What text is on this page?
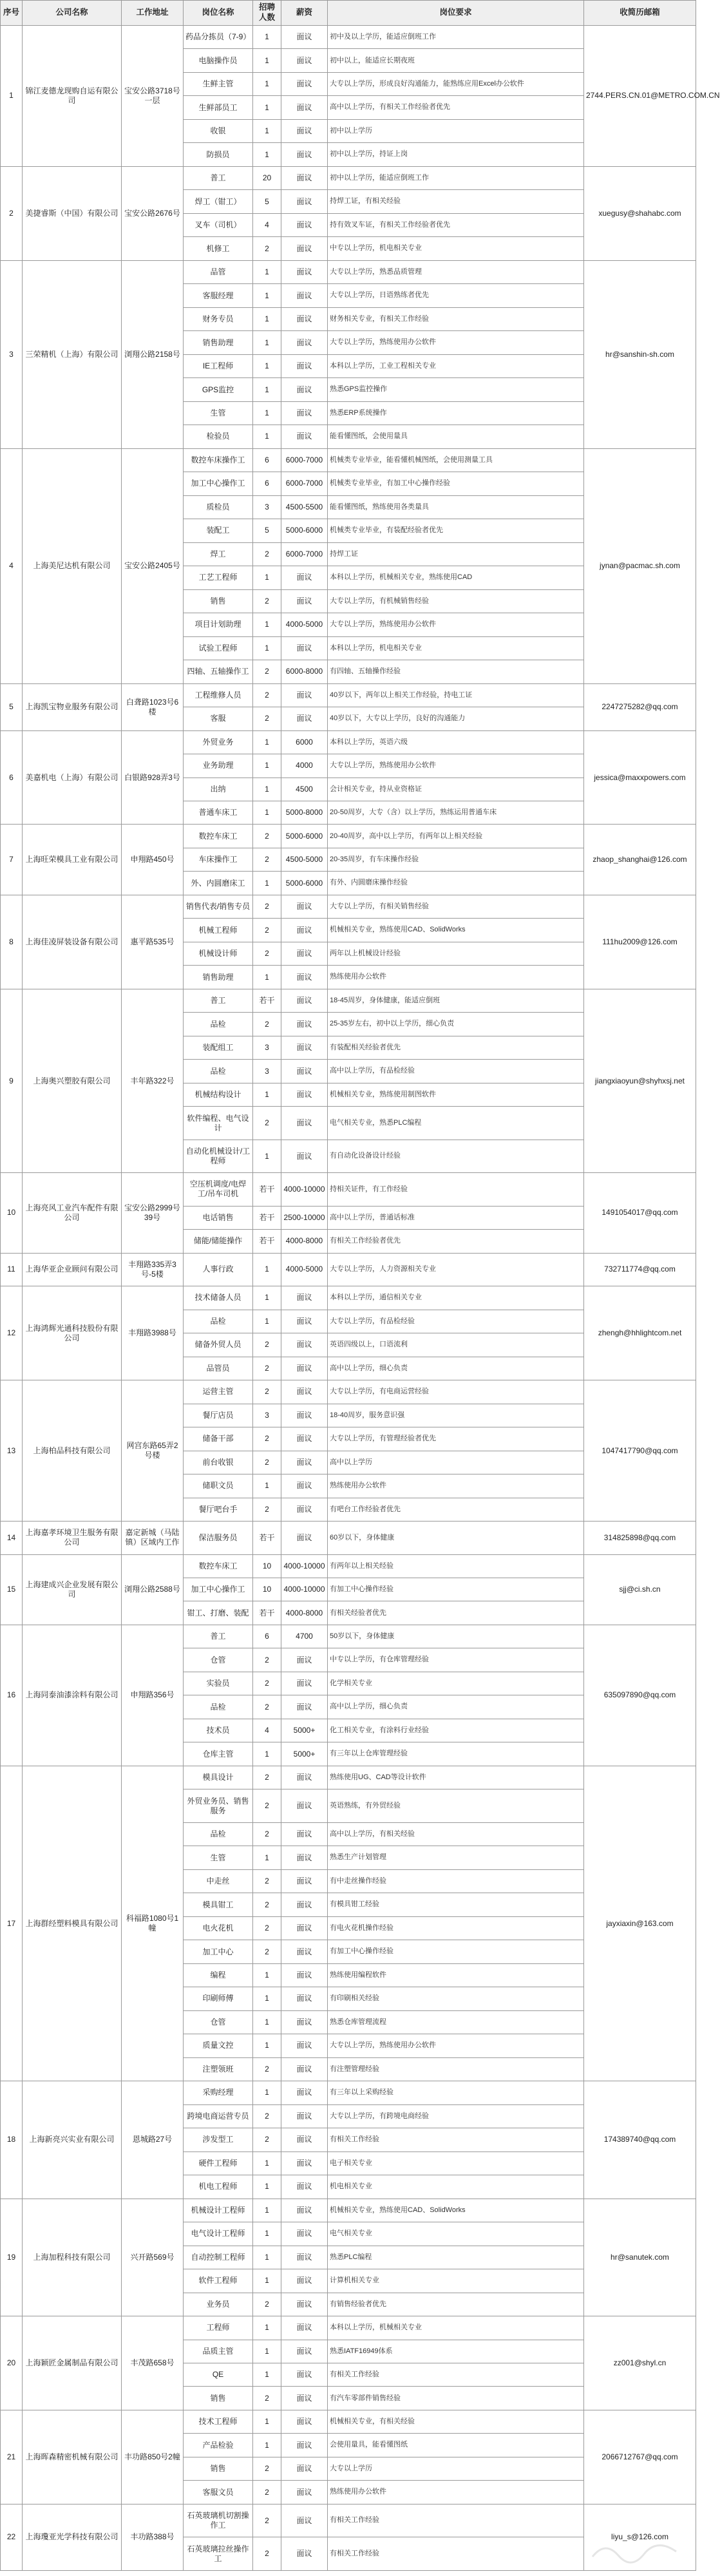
序号	公司名称	工作地址	岗位名称	招聘人数	薪资	岗位要求	收简历邮箱
1	锦江麦德龙现购自运有限公司	宝安公路3718号一层	药品分拣员（7-9）	1	面议	初中及以上学历，能适应倒班工作	2744.PERS.CN.01@METRO.COM.CN
			电脑操作员	1	面议	初中以上，能适应长期夜班	
			生鲜主管	1	面议	大专以上学历，形成良好沟通能力，能熟练应用Excel办公软件	
			生鲜部员工	1	面议	高中以上学历，有相关工作经验者优先	
			收银	1	面议	初中以上学历	
			防损员	1	面议	初中以上学历，持证上岗	
2	美捷睿斯（中国）有限公司	宝安公路2676号	普工	20	面议	初中以上学历，能适应倒班工作	xuegusy@shahabc.com
			焊工（钳工）	5	面议	持焊工证，有相关经验	
			叉车（司机）	4	面议	持有效叉车证，有相关工作经验者优先	
			机修工	2	面议	中专以上学历，机电相关专业	
3	三荣精机（上海）有限公司	浏翔公路2158号	品管	1	面议	大专以上学历，熟悉品质管理	hr@sanshin-sh.com
			客服经理	1	面议	大专以上学历，日语熟练者优先	
			财务专员	1	面议	财务相关专业，有相关工作经验	
			销售助理	1	面议	大专以上学历，熟练使用办公软件	
			IE工程师	1	面议	本科以上学历，工业工程相关专业	
			GPS监控	1	面议	熟悉GPS监控操作	
			生管	1	面议	熟悉ERP系统操作	
			检验员	1	面议	能看懂图纸，会使用量具	
4	上海美尼达机有限公司	宝安公路2405号	数控车床操作工	6	6000-7000	机械类专业毕业，能看懂机械图纸，会使用测量工具	jynan@pacmac.sh.com
			加工中心操作工	6	6000-7000	机械类专业毕业，有加工中心操作经验	
			质检员	3	4500-5500	能看懂图纸，熟练使用各类量具	
			装配工	5	5000-6000	机械类专业毕业，有装配经验者优先	
			焊工	2	6000-7000	持焊工证	
			工艺工程师	1	面议	本科以上学历，机械相关专业，熟练使用CAD	
			销售	2	面议	大专以上学历，有机械销售经验	
			项目计划助理	1	4000-5000	大专以上学历，熟练使用办公软件	
			试验工程师	1	面议	本科以上学历，机电相关专业	
			四轴、五轴操作工	2	6000-8000	有四轴、五轴操作经验	
5	上海凯宝物业服务有限公司	白聋路1023号6楼	工程维修人员	2	面议	40岁以下，两年以上相关工作经验，持电工证	2247275282@qq.com
			客服	2	面议	40岁以下，大专以上学历，良好的沟通能力	
6	美嘉机电（上海）有限公司	白银路928弄3号	外贸业务	1	6000	本科以上学历，英语六级	jessica@maxxpowers.com
			业务助理	1	4000	大专以上学历，熟练使用办公软件	
			出纳	1	4500	会计相关专业，持从业资格证	
			普通车床工	1	5000-8000	20-50周岁，大专（含）以上学历，熟练运用普通车床	
7	上海旺荣模具工业有限公司	申翔路450号	数控车床工	2	5000-6000	20-40周岁，高中以上学历，有两年以上相关经验	zhaop_shanghai@126.com
			车床操作工	2	4500-5000	20-35周岁，有车床操作经验	
			外、内圆磨床工	1	5000-6000	有外、内圆磨床操作经验	
8	上海佳凌屏装设备有限公司	惠平路535号	销售代表/销售专员	2	面议	大专以上学历，有相关销售经验	111hu2009@126.com
			机械工程师	2	面议	机械相关专业，熟练使用CAD、SolidWorks	
			机械设计师	2	面议	两年以上机械设计经验	
			销售助理	1	面议	熟练使用办公软件	
9	上海奥兴塑胶有限公司	丰年路322号	普工	若干	面议	18-45周岁，身体健康，能适应倒班	jiangxiaoyun@shyhxsj.net
			品检	2	面议	25-35岁左右，初中以上学历，细心负责	
			装配组工	3	面议	有装配相关经验者优先	
			品检	3	面议	高中以上学历，有品检经验	
			机械结构设计	1	面议	机械相关专业，熟练使用制图软件	
			软件编程、电气设计	2	面议	电气相关专业，熟悉PLC编程	
			自动化机械设计/工程师	1	面议	有自动化设备设计经验	
10	上海亮风工业汽车配件有限公司	宝安公路2999号39号	空压机调度/电焊工/吊车司机	若干	4000-10000	持相关证件，有工作经验	1491054017@qq.com
			电话销售	若干	2500-10000	高中以上学历，普通话标准	
			储能/储能操作	若干	4000-8000	有相关工作经验者优先	
11	上海华亚企业顾问有限公司	丰翔路335弄3号-5楼	人事行政	1	4000-5000	大专以上学历，人力资源相关专业	732711774@qq.com
12	上海鸿辉光通科技股份有限公司	丰翔路3988号	技术储备人员	1	面议	本科以上学历，通信相关专业	zhengh@hhlightcom.net
			品检	1	面议	大专以上学历，有品检经验	
			储备外贸人员	2	面议	英语四级以上，口语流利	
			品管员	2	面议	高中以上学历，细心负责	
13	上海柏品科技有限公司	网宫东路65弄2号楼	运营主管	2	面议	大专以上学历，有电商运营经验	1047417790@qq.com
			餐厅店员	3	面议	18-40周岁，服务意识强	
			储备干部	2	面议	大专以上学历，有管理经验者优先	
			前台收银	2	面议	高中以上学历	
			储职文员	1	面议	熟练使用办公软件	
			餐厅吧台手	2	面议	有吧台工作经验者优先	
14	上海嘉孝环境卫生服务有限公司	嘉定新城（马陆镇）区域内工作	保洁服务员	若干	面议	60岁以下，身体健康	314825898@qq.com
15	上海建成兴企业发展有限公司	浏翔公路2588号	数控车床工	10	4000-10000	有两年以上相关经验	sjj@ci.sh.cn
			加工中心操作工	10	4000-10000	有加工中心操作经验	
			钳工、打磨、装配	若干	4000-8000	有相关经验者优先	
16	上海同泰油漆涂料有限公司	申翔路356号	普工	6	4700	50岁以下，身体健康	635097890@qq.com
			仓管	2	面议	中专以上学历，有仓库管理经验	
			实验员	2	面议	化学相关专业	
			品检	2	面议	高中以上学历，细心负责	
			技术员	4	5000+	化工相关专业，有涂料行业经验	
			仓库主管	1	5000+	有三年以上仓库管理经验	
17	上海群经塑料模具有限公司	科福路1080号1幢	模具设计	2	面议	熟练使用UG、CAD等设计软件	jayxiaxin@163.com
			外贸业务员、销售服务	2	面议	英语熟练，有外贸经验	
			品检	2	面议	高中以上学历，有相关经验	
			生管	1	面议	熟悉生产计划管理	
			中走丝	2	面议	有中走丝操作经验	
			模具钳工	2	面议	有模具钳工经验	
			电火花机	2	面议	有电火花机操作经验	
			加工中心	2	面议	有加工中心操作经验	
			编程	1	面议	熟练使用编程软件	
			印刷师傅	1	面议	有印刷相关经验	
			仓管	1	面议	熟悉仓库管理流程	
			质量文控	1	面议	大专以上学历，熟练使用办公软件	
			注塑领班	2	面议	有注塑管理经验	
18	上海新亮兴实业有限公司	恩城路27号	采购经理	1	面议	有三年以上采购经验	174389740@qq.com
			跨境电商运营专员	2	面议	大专以上学历，有跨境电商经验	
			涉发型工	2	面议	有相关工作经验	
			硬件工程师	1	面议	电子相关专业	
			机电工程师	1	面议	机电相关专业	
19	上海加程科技有限公司	兴开路569号	机械设计工程师	1	面议	机械相关专业，熟练使用CAD、SolidWorks	hr@sanutek.com
			电气设计工程师	1	面议	电气相关专业	
			自动控制工程师	1	面议	熟悉PLC编程	
			软件工程师	1	面议	计算机相关专业	
			业务员	2	面议	有销售经验者优先	
20	上海颖匠金属制品有限公司	丰茂路658号	工程师	1	面议	本科以上学历，机械相关专业	zz001@shyl.cn
			品质主管	1	面议	熟悉IATF16949体系	
			QE	1	面议	有相关工作经验	
			销售	2	面议	有汽车零部件销售经验	
21	上海晖森精密机械有限公司	丰功路850号2幢	技术工程师	1	面议	机械相关专业，有相关经验	2066712767@qq.com
			产品检验	1	面议	会使用量具，能看懂图纸	
			销售	2	面议	大专以上学历	
			客服文员	2	面议	熟练使用办公软件	
22	上海瓊亚光学科技有限公司	丰功路388号	石英玻璃机切割操作工	2	面议	有相关工作经验	liyu_s@126.com
			石英玻璃拉丝操作工	2	面议	有相关工作经验	
